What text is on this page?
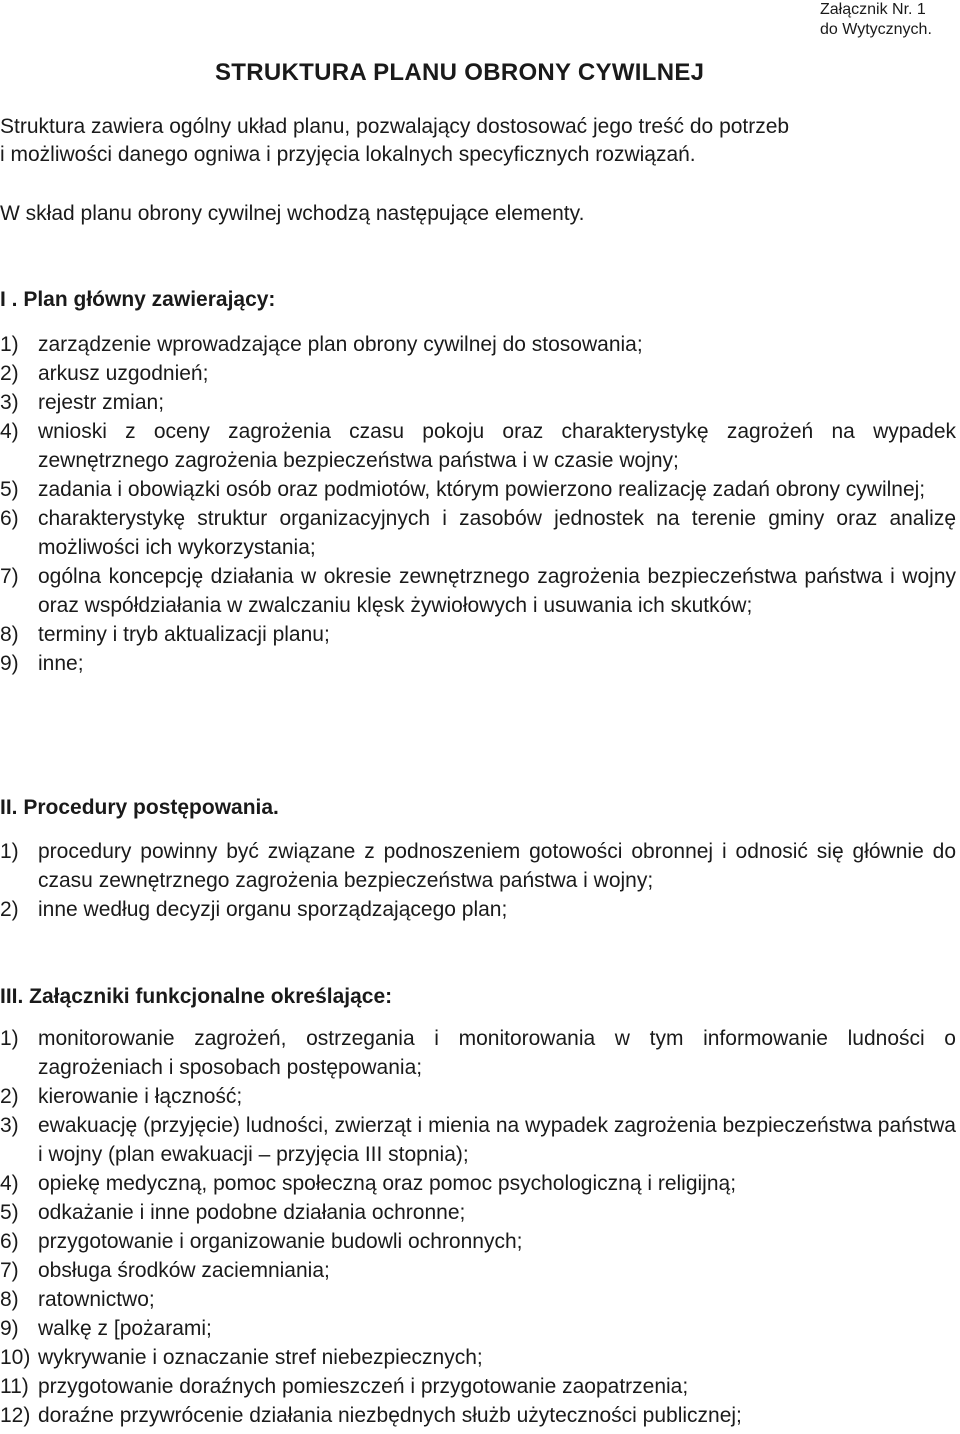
Załącznik Nr. 1
do Wytycznych.
STRUKTURA PLANU OBRONY CYWILNEJ
Struktura zawiera ogólny układ planu, pozwalający dostosować jego treść do potrzeb
i możliwości danego ogniwa i przyjęcia lokalnych specyficznych rozwiązań.
W skład planu obrony cywilnej wchodzą następujące elementy.
I . Plan główny zawierający:
1) zarządzenie wprowadzające plan obrony cywilnej do stosowania;
2) arkusz uzgodnień;
3) rejestr zmian;
4) wnioski z oceny zagrożenia czasu pokoju oraz charakterystykę zagrożeń na wypadek zewnętrznego zagrożenia bezpieczeństwa państwa i w czasie wojny;
5) zadania i obowiązki osób oraz podmiotów, którym powierzono realizację zadań obrony cywilnej;
6) charakterystykę struktur organizacyjnych i zasobów jednostek na terenie gminy oraz analizę możliwości ich wykorzystania;
7) ogólna koncepcję działania w okresie zewnętrznego zagrożenia bezpieczeństwa państwa i wojny oraz współdziałania w zwalczaniu klęsk żywiołowych i usuwania ich skutków;
8) terminy i tryb aktualizacji planu;
9) inne;
II. Procedury postępowania.
1) procedury powinny być związane z podnoszeniem gotowości obronnej i odnosić się głównie do czasu zewnętrznego zagrożenia bezpieczeństwa państwa i wojny;
2) inne według decyzji organu sporządzającego plan;
III. Załączniki funkcjonalne określające:
1) monitorowanie zagrożeń, ostrzegania i monitorowania w tym informowanie ludności o zagrożeniach i sposobach postępowania;
2) kierowanie i łączność;
3) ewakuację (przyjęcie) ludności, zwierząt i mienia na wypadek zagrożenia bezpieczeństwa państwa i wojny (plan ewakuacji – przyjęcia III stopnia);
4) opiekę medyczną, pomoc społeczną oraz pomoc psychologiczną i religijną;
5) odkażanie i inne podobne działania ochronne;
6) przygotowanie i organizowanie budowli ochronnych;
7) obsługa środków zaciemniania;
8) ratownictwo;
9) walkę z [pożarami;
10) wykrywanie i oznaczanie stref niebezpiecznych;
11) przygotowanie doraźnych pomieszczeń i przygotowanie zaopatrzenia;
12) doraźne przywrócenie działania niezbędnych służb użyteczności publicznej;
